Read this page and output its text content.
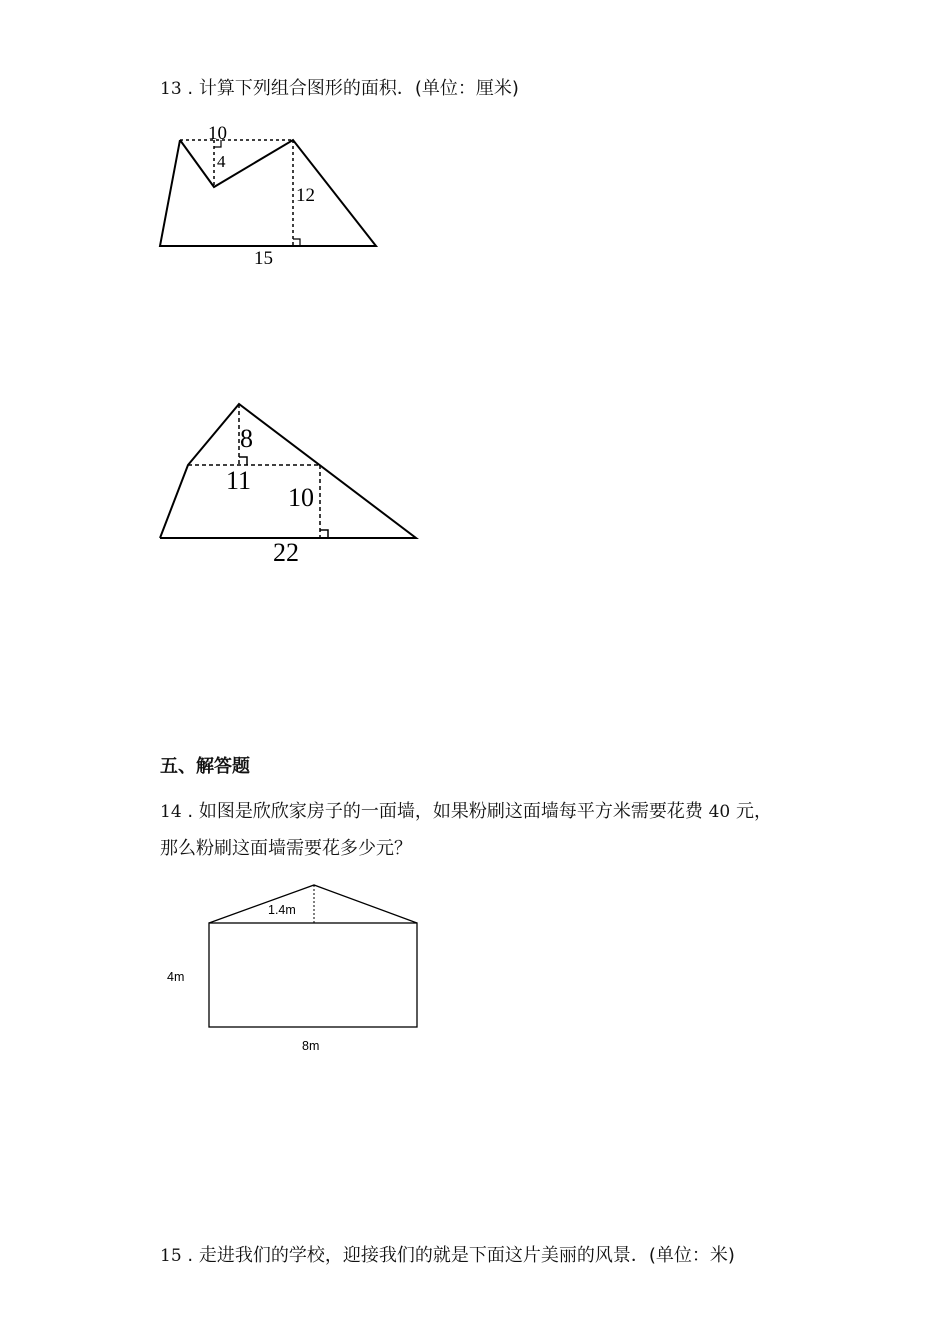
13 . 计算下列组合图形的面积．(单位：厘米)
10
4
12
15
8
11
10
22
五、解答题
14 . 如图是欣欣家房子的一面墙，如果粉刷这面墙每平方米需要花费 40 元，
那么粉刷这面墙需要花多少元？
1.4m
4m
8m
15 . 走进我们的学校，迎接我们的就是下面这片美丽的风景．(单位：米)
